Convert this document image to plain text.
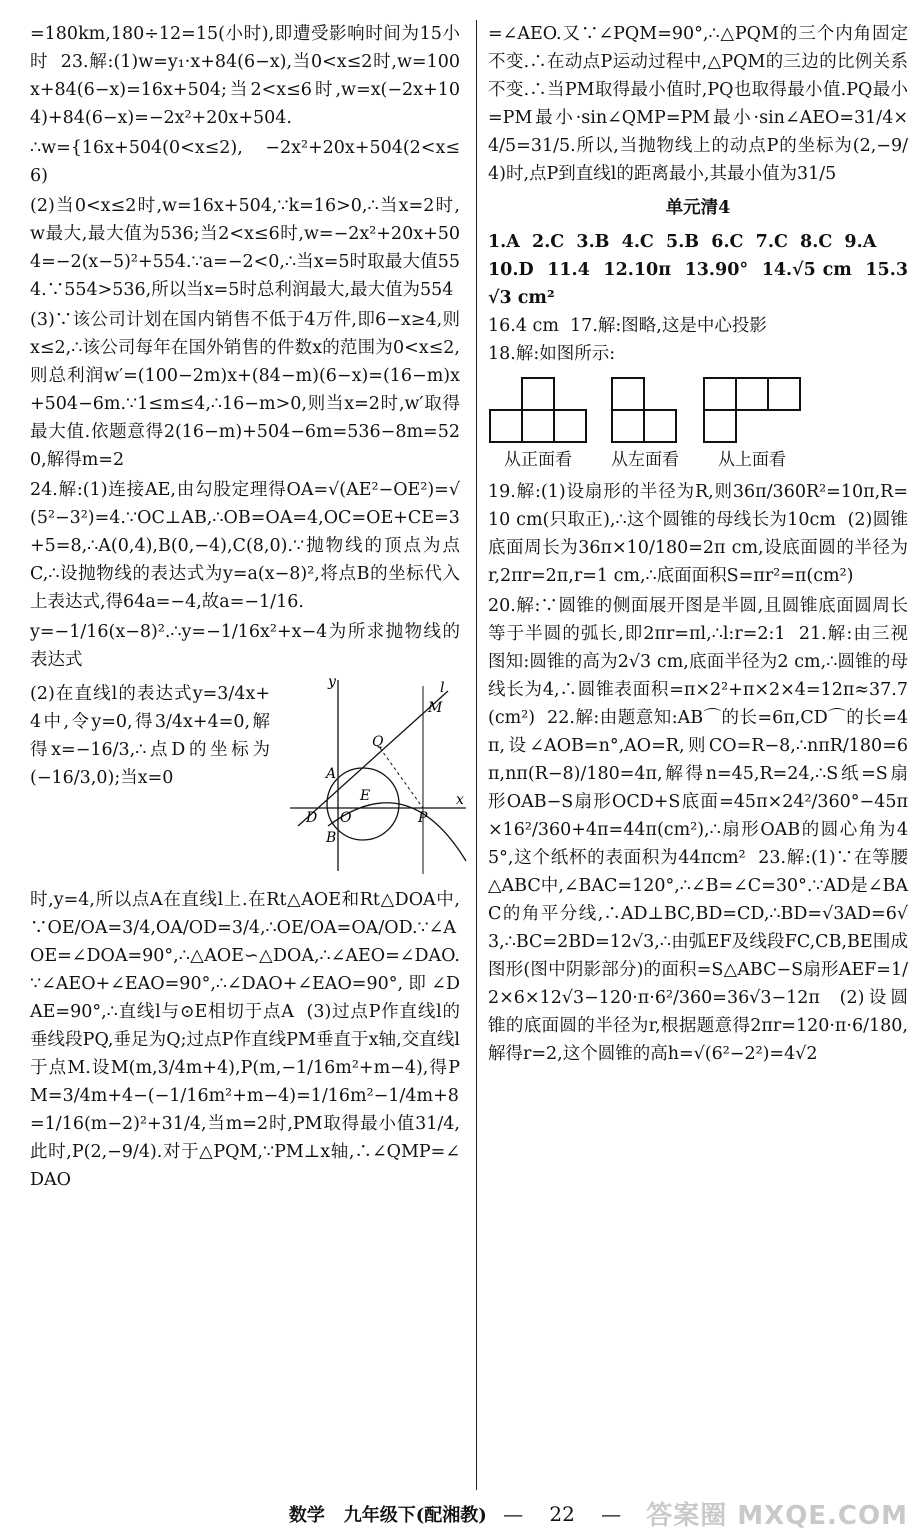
=180km,180÷12=15(小时),即遭受影响时间为15小时  23.解:(1)w=y₁·x+84(6−x),当0<x≤2时,w=100x+84(6−x)=16x+504;当2<x≤6时,w=x(−2x+104)+84(6−x)=−2x²+20x+504.

∴w={16x+504(0<x≤2), −2x²+20x+504(2<x≤6)

(2)当0<x≤2时,w=16x+504,∵k=16>0,∴当x=2时,w最大,最大值为536;当2<x≤6时,w=−2x²+20x+504=−2(x−5)²+554.∵a=−2<0,∴当x=5时取最大值554.∵554>536,所以当x=5时总利润最大,最大值为554

(3)∵该公司计划在国内销售不低于4万件,即6−x≥4,则x≤2,∴该公司每年在国外销售的件数x的范围为0<x≤2,则总利润w′=(100−2m)x+(84−m)(6−x)=(16−m)x+504−6m.∵1≤m≤4,∴16−m>0,则当x=2时,w′取得最大值.依题意得2(16−m)+504−6m=536−8m=520,解得m=2

24.解:(1)连接AE,由勾股定理得OA=√(AE²−OE²)=√(5²−3²)=4.∵OC⊥AB,∴OB=OA=4,OC=OE+CE=3+5=8,∴A(0,4),B(0,−4),C(8,0).∵抛物线的顶点为点C,∴设抛物线的表达式为y=a(x−8)²,将点B的坐标代入上表达式,得64a=−4,故a=−1/16.

y=−1/16(x−8)².∴y=−1/16x²+x−4为所求抛物线的表达式

(2)在直线l的表达式y=3/4x+4中,令y=0,得3/4x+4=0,解得x=−16/3,∴点D的坐标为(−16/3,0);当x=0

y
x
l
M
Q
A
E
D O
B
P

时,y=4,所以点A在直线l上.在Rt△AOE和Rt△DOA中,∵OE/OA=3/4,OA/OD=3/4,∴OE/OA=OA/OD.∵∠AOE=∠DOA=90°,∴△AOE∽△DOA,∴∠AEO=∠DAO.∵∠AEO+∠EAO=90°,∴∠DAO+∠EAO=90°,即∠DAE=90°,∴直线l与⊙E相切于点A  (3)过点P作直线l的垂线段PQ,垂足为Q;过点P作直线PM垂直于x轴,交直线l于点M.设M(m,3/4m+4),P(m,−1/16m²+m−4),得PM=3/4m+4−(−1/16m²+m−4)=1/16m²−1/4m+8=1/16(m−2)²+31/4,当m=2时,PM取得最小值31/4,此时,P(2,−9/4).对于△PQM,∵PM⊥x轴,∴∠QMP=∠DAO

=∠AEO.又∵∠PQM=90°,∴△PQM的三个内角固定不变.∴在动点P运动过程中,△PQM的三边的比例关系不变.∴当PM取得最小值时,PQ也取得最小值.PQ最小=PM最小·sin∠QMP=PM最小·sin∠AEO=31/4×4/5=31/5.所以,当抛物线上的动点P的坐标为(2,−9/4)时,点P到直线l的距离最小,其最小值为31/5

单元清4

1.A  2.C  3.B  4.C  5.B  6.C  7.C  8.C  9.A

10.D  11.4  12.10π  13.90°  14.√5 cm  15.3√3 cm²

16.4 cm  17.解:图略,这是中心投影

18.解:如图所示:

从正面看 从左面看 从上面看

19.解:(1)设扇形的半径为R,则36π/360R²=10π,R=10 cm(只取正),∴这个圆锥的母线长为10cm  (2)圆锥底面周长为36π×10/180=2π cm,设底面圆的半径为r,2πr=2π,r=1 cm,∴底面面积S=πr²=π(cm²)

20.解:∵圆锥的侧面展开图是半圆,且圆锥底面圆周长等于半圆的弧长,即2πr=πl,∴l:r=2:1  21.解:由三视图知:圆锥的高为2√3 cm,底面半径为2 cm,∴圆锥的母线长为4,∴圆锥表面积=π×2²+π×2×4=12π≈37.7(cm²)  22.解:由题意知:AB⌒的长=6π,CD⌒的长=4π,设∠AOB=n°,AO=R,则CO=R−8,∴nπR/180=6π,nπ(R−8)/180=4π,解得n=45,R=24,∴S纸=S扇形OAB−S扇形OCD+S底面=45π×24²/360°−45π×16²/360+4π=44π(cm²),∴扇形OAB的圆心角为45°,这个纸杯的表面积为44πcm²  23.解:(1)∵在等腰△ABC中,∠BAC=120°,∴∠B=∠C=30°.∵AD是∠BAC的角平分线,∴AD⊥BC,BD=CD,∴BD=√3AD=6√3,∴BC=2BD=12√3,∴由弧EF及线段FC,CB,BE围成图形(图中阴影部分)的面积=S△ABC−S扇形AEF=1/2×6×12√3−120·π·6²/360=36√3−12π  (2)设圆锥的底面圆的半径为r,根据题意得2πr=120·π·6/180,解得r=2,这个圆锥的高h=√(6²−2²)=4√2

数学 九年级下(配湘教) — 22 — 答案圈 MXQE.COM
